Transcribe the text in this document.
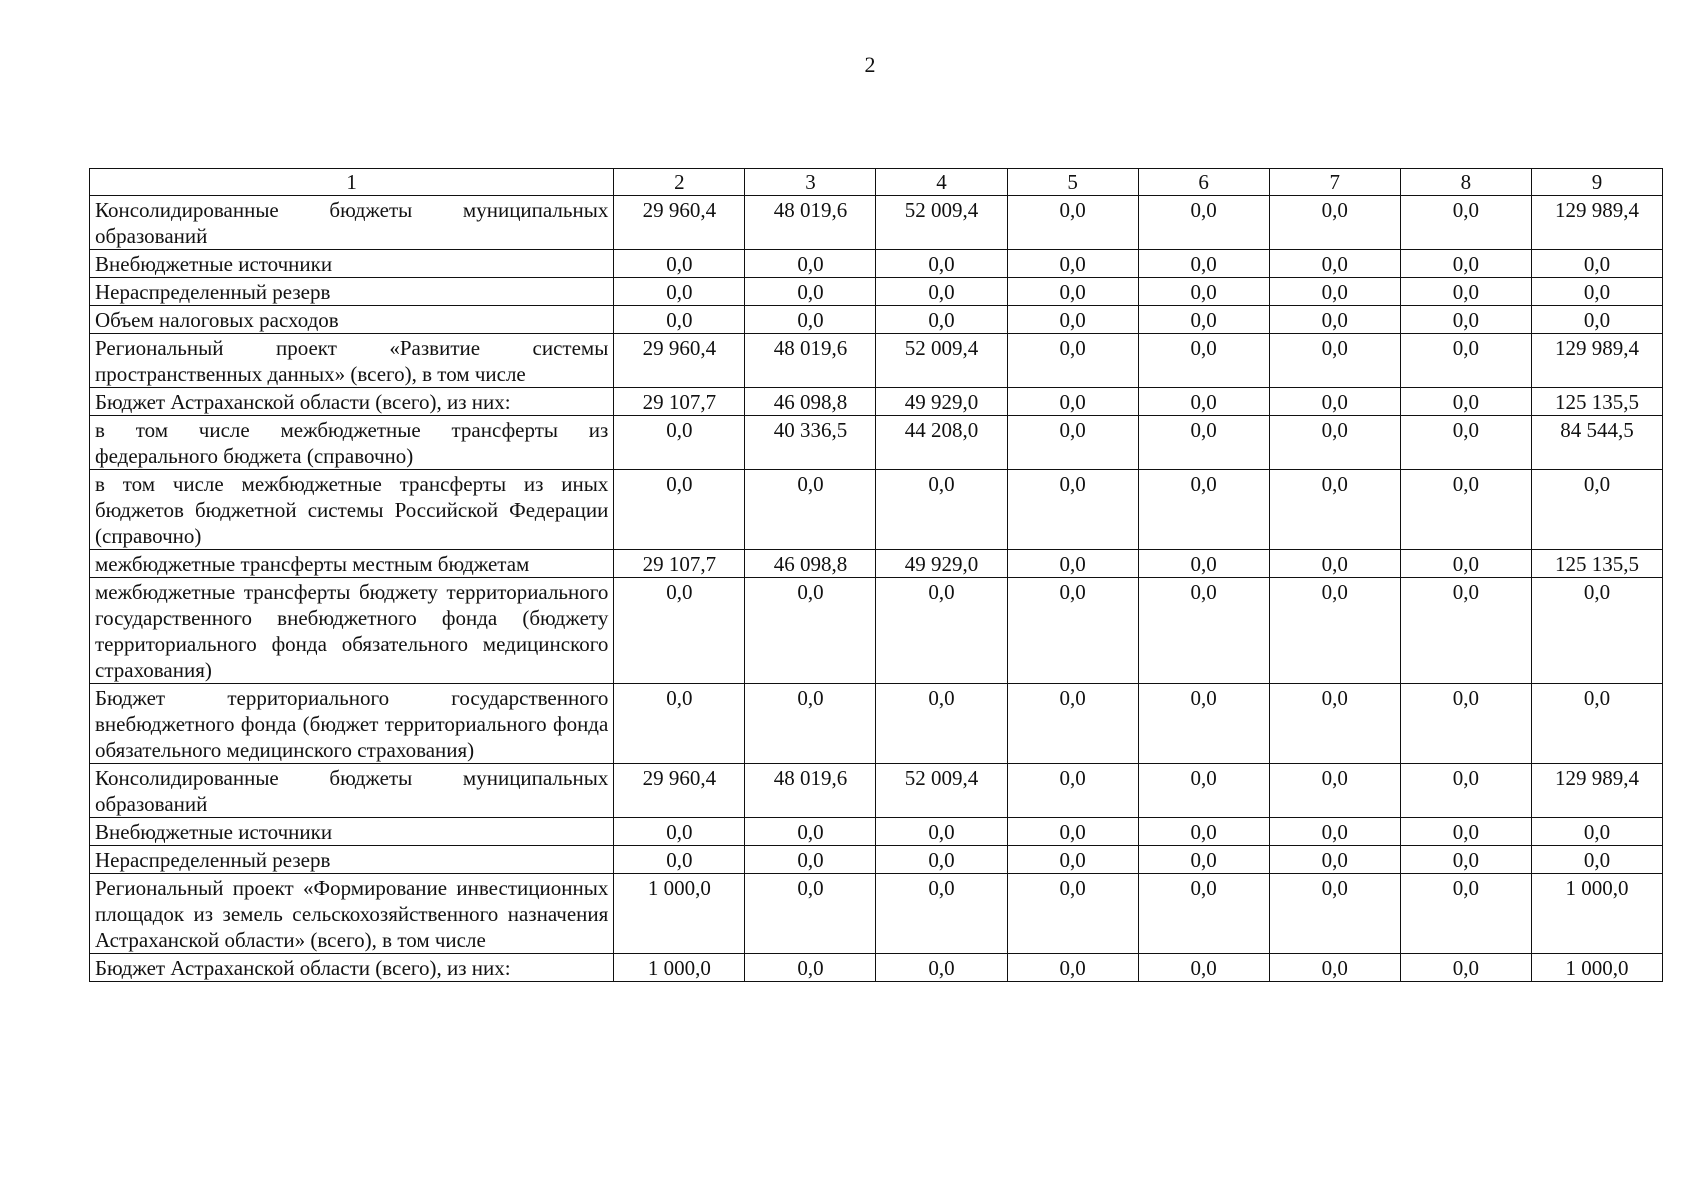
2
1	2	3	4	5	6	7	8	9
Консолидированные бюджеты муниципальных образований	29 960,4	48 019,6	52 009,4	0,0	0,0	0,0	0,0	129 989,4
Внебюджетные источники	0,0	0,0	0,0	0,0	0,0	0,0	0,0	0,0
Нераспределенный резерв	0,0	0,0	0,0	0,0	0,0	0,0	0,0	0,0
Объем налоговых расходов	0,0	0,0	0,0	0,0	0,0	0,0	0,0	0,0
Региональный проект «Развитие системы пространственных данных» (всего), в том числе	29 960,4	48 019,6	52 009,4	0,0	0,0	0,0	0,0	129 989,4
Бюджет Астраханской области (всего), из них:	29 107,7	46 098,8	49 929,0	0,0	0,0	0,0	0,0	125 135,5
в том числе межбюджетные трансферты из федерального бюджета (справочно)	0,0	40 336,5	44 208,0	0,0	0,0	0,0	0,0	84 544,5
в том числе межбюджетные трансферты из иных бюджетов бюджетной системы Российской Федерации (справочно)	0,0	0,0	0,0	0,0	0,0	0,0	0,0	0,0
межбюджетные трансферты местным бюджетам	29 107,7	46 098,8	49 929,0	0,0	0,0	0,0	0,0	125 135,5
межбюджетные трансферты бюджету территориального государственного внебюджетного фонда (бюджету территориального фонда обязательного медицинского страхования)	0,0	0,0	0,0	0,0	0,0	0,0	0,0	0,0
Бюджет территориального государственного внебюджетного фонда (бюджет территориального фонда обязательного медицинского страхования)	0,0	0,0	0,0	0,0	0,0	0,0	0,0	0,0
Консолидированные бюджеты муниципальных образований	29 960,4	48 019,6	52 009,4	0,0	0,0	0,0	0,0	129 989,4
Внебюджетные источники	0,0	0,0	0,0	0,0	0,0	0,0	0,0	0,0
Нераспределенный резерв	0,0	0,0	0,0	0,0	0,0	0,0	0,0	0,0
Региональный проект «Формирование инвестиционных площадок из земель сельскохозяйственного назначения Астраханской области» (всего), в том числе	1 000,0	0,0	0,0	0,0	0,0	0,0	0,0	1 000,0
Бюджет Астраханской области (всего), из них:	1 000,0	0,0	0,0	0,0	0,0	0,0	0,0	1 000,0
